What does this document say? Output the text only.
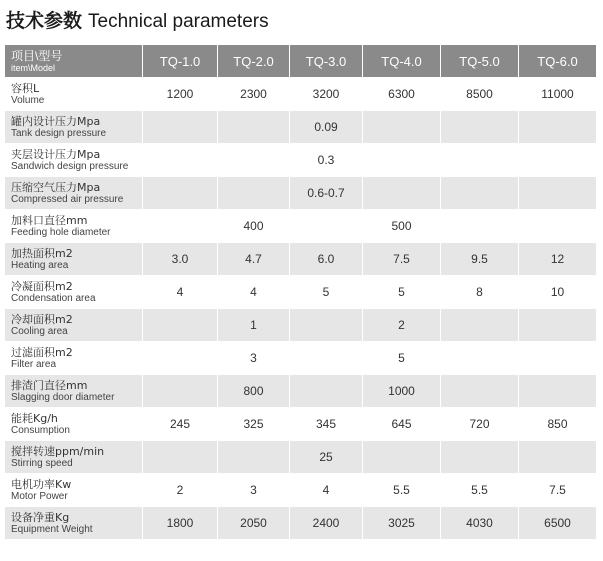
技术参数 Technical parameters
项目\型号
item\Model	TQ-1.0	TQ-2.0	TQ-3.0	TQ-4.0	TQ-5.0	TQ-6.0

容积L
Volume	1200	2300	3200	6300	8500	11000

罐内设计压力Mpa
Tank design pressure			0.09			

夹层设计压力Mpa
Sandwich design pressure			0.3			

压缩空气压力Mpa
Compressed air pressure			0.6-0.7			

加料口直径mm
Feeding hole diameter		400		500		

加热面积m2
Heating area	3.0	4.7	6.0	7.5	9.5	12

冷凝面积m2
Condensation area	4	4	5	5	8	10

冷却面积m2
Cooling area		1		2		

过滤面积m2
Filter area		3		5		

排渣门直径mm
Slagging door diameter		800		1000		

能耗Kg/h
Consumption	245	325	345	645	720	850

搅拌转速ppm/min
Stirring speed			25			

电机功率Kw
Motor Power	2	3	4	5.5	5.5	7.5

设备净重Kg
Equipment Weight	1800	2050	2400	3025	4030	6500
